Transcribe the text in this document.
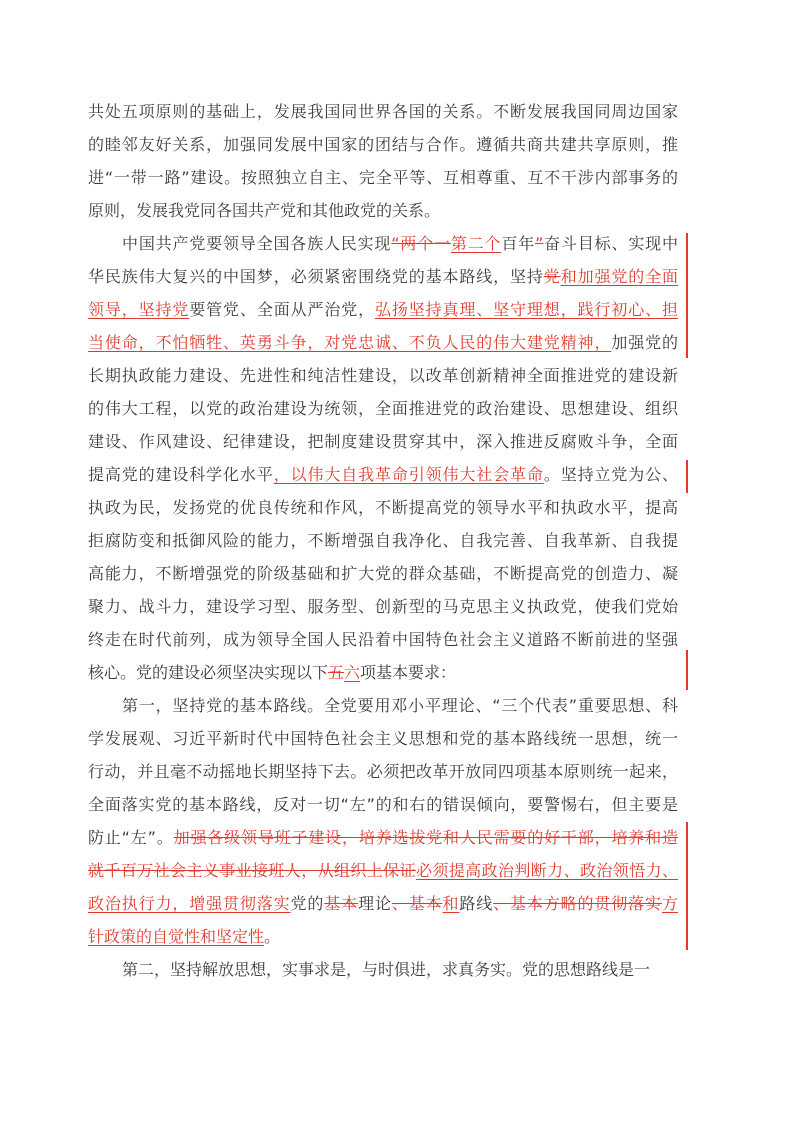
共处五项原则的基础上，发展我国同世界各国的关系。不断发展我国同周边国家
的睦邻友好关系，加强同发展中国家的团结与合作。遵循共商共建共享原则，推
进“一带一路”建设。按照独立自主、完全平等、互相尊重、互不干涉内部事务的
原则，发展我党同各国共产党和其他政党的关系。
中国共产党要领导全国各族人民实现“两个一第二个百年”奋斗目标、实现中
华民族伟大复兴的中国梦，必须紧密围绕党的基本路线，坚持党和加强党的全面
领导，坚持党要管党、全面从严治党，弘扬坚持真理、坚守理想，践行初心、担
当使命，不怕牺牲、英勇斗争，对党忠诚、不负人民的伟大建党精神，加强党的
长期执政能力建设、先进性和纯洁性建设，以改革创新精神全面推进党的建设新
的伟大工程，以党的政治建设为统领，全面推进党的政治建设、思想建设、组织
建设、作风建设、纪律建设，把制度建设贯穿其中，深入推进反腐败斗争，全面
提高党的建设科学化水平，以伟大自我革命引领伟大社会革命。坚持立党为公、
执政为民，发扬党的优良传统和作风，不断提高党的领导水平和执政水平，提高
拒腐防变和抵御风险的能力，不断增强自我净化、自我完善、自我革新、自我提
高能力，不断增强党的阶级基础和扩大党的群众基础，不断提高党的创造力、凝
聚力、战斗力，建设学习型、服务型、创新型的马克思主义执政党，使我们党始
终走在时代前列，成为领导全国人民沿着中国特色社会主义道路不断前进的坚强
核心。党的建设必须坚决实现以下五六项基本要求：
第一，坚持党的基本路线。全党要用邓小平理论、“三个代表”重要思想、科
学发展观、习近平新时代中国特色社会主义思想和党的基本路线统一思想，统一
行动，并且毫不动摇地长期坚持下去。必须把改革开放同四项基本原则统一起来，
全面落实党的基本路线，反对一切“左”的和右的错误倾向，要警惕右，但主要是
防止“左”。加强各级领导班子建设，培养选拔党和人民需要的好干部，培养和造
就千百万社会主义事业接班人，从组织上保证必须提高政治判断力、政治领悟力、
政治执行力，增强贯彻落实党的基本理论、基本和路线、基本方略的贯彻落实方
针政策的自觉性和坚定性。
第二，坚持解放思想，实事求是，与时俱进，求真务实。党的思想路线是一
